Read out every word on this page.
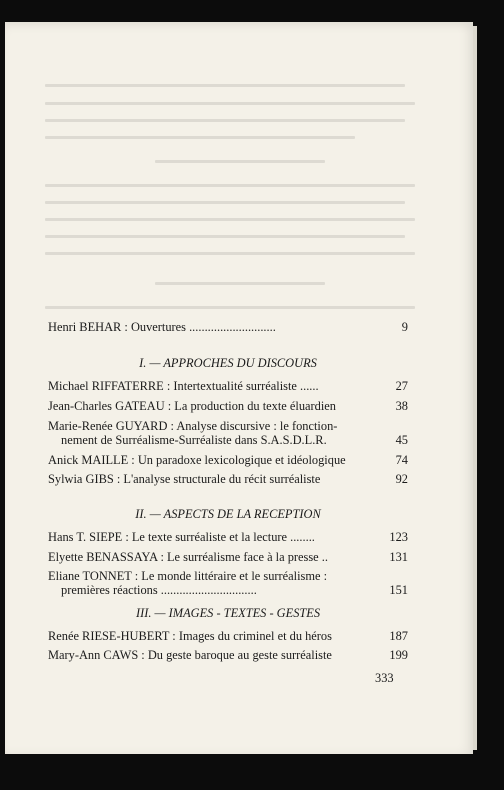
Henri BEHAR : Ouvertures ............................	9
I. — APPROCHES DU DISCOURS
Michael RIFFATERRE : Intertextualité surréaliste ......	27
Jean-Charles GATEAU : La production du texte éluardien	38
Marie-Renée GUYARD : Analyse discursive : le fonction-
nement de Surréalisme-Surréaliste dans S.A.S.D.L.R.	45
Anick MAILLE : Un paradoxe lexicologique et idéologique	74
Sylwia GIBS : L'analyse structurale du récit surréaliste	92
II. — ASPECTS DE LA RECEPTION
Hans T. SIEPE : Le texte surréaliste et la lecture ........	123
Elyette BENASSAYA : Le surréalisme face à la presse ..	131
Eliane TONNET : Le monde littéraire et le surréalisme :
premières réactions ...............................	151
III. — IMAGES - TEXTES - GESTES
Renée RIESE-HUBERT : Images du criminel et du héros	187
Mary-Ann CAWS : Du geste baroque au geste surréaliste	199
333
